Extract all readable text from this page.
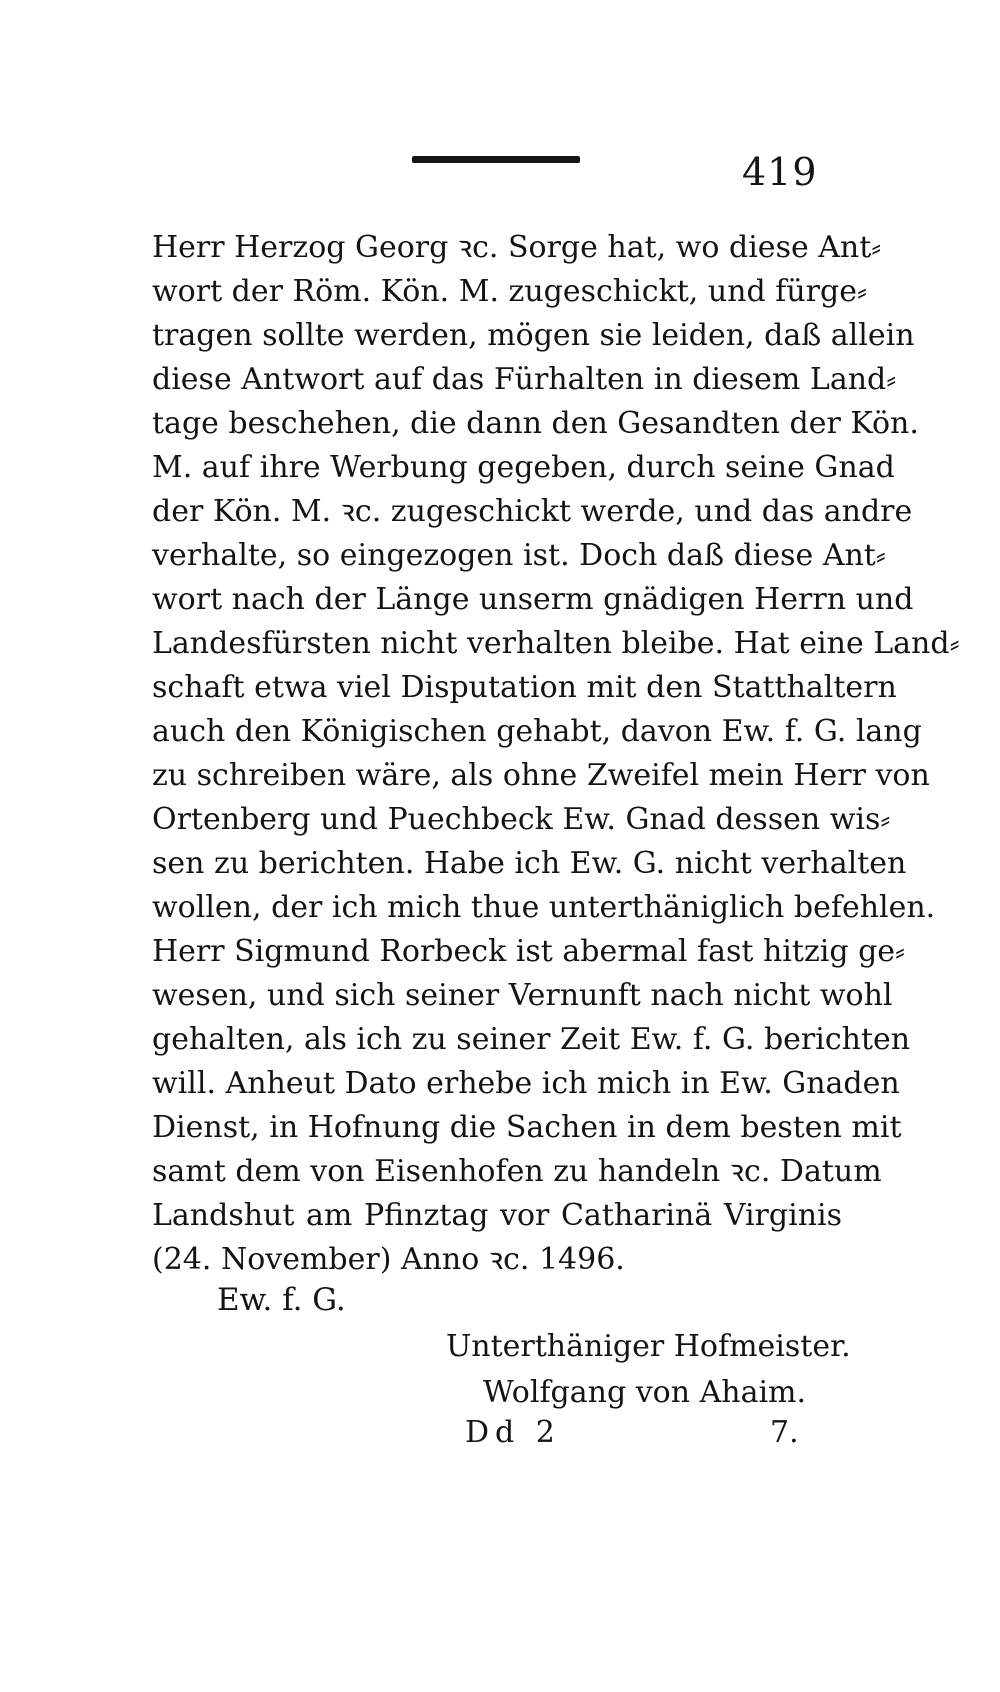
419
Herr Herzog Georg ꝛc. Sorge hat, wo diese Ant⸗
wort der Röm. Kön. M. zugeschickt, und fürge⸗
tragen sollte werden, mögen sie leiden, daß allein
diese Antwort auf das Fürhalten in diesem Land⸗
tage beschehen, die dann den Gesandten der Kön.
M. auf ihre Werbung gegeben, durch seine Gnad
der Kön. M. ꝛc. zugeschickt werde, und das andre
verhalte, so eingezogen ist. Doch daß diese Ant⸗
wort nach der Länge unserm gnädigen Herrn und
Landesfürsten nicht verhalten bleibe. Hat eine Land⸗
schaft etwa viel Disputation mit den Statthaltern
auch den Königischen gehabt, davon Ew. f. G. lang
zu schreiben wäre, als ohne Zweifel mein Herr von
Ortenberg und Puechbeck Ew. Gnad dessen wis⸗
sen zu berichten. Habe ich Ew. G. nicht verhalten
wollen, der ich mich thue unterthäniglich befehlen.
Herr Sigmund Rorbeck ist abermal fast hitzig ge⸗
wesen, und sich seiner Vernunft nach nicht wohl
gehalten, als ich zu seiner Zeit Ew. f. G. berichten
will. Anheut Dato erhebe ich mich in Ew. Gnaden
Dienst, in Hofnung die Sachen in dem besten mit
samt dem von Eisenhofen zu handeln ꝛc. Datum
Landshut am Pfinztag vor Catharinä Virginis
(24. November) Anno ꝛc. 1496.
Ew. f. G.
Unterthäniger Hofmeister.
Wolfgang von Ahaim.
Dd 2	7.
